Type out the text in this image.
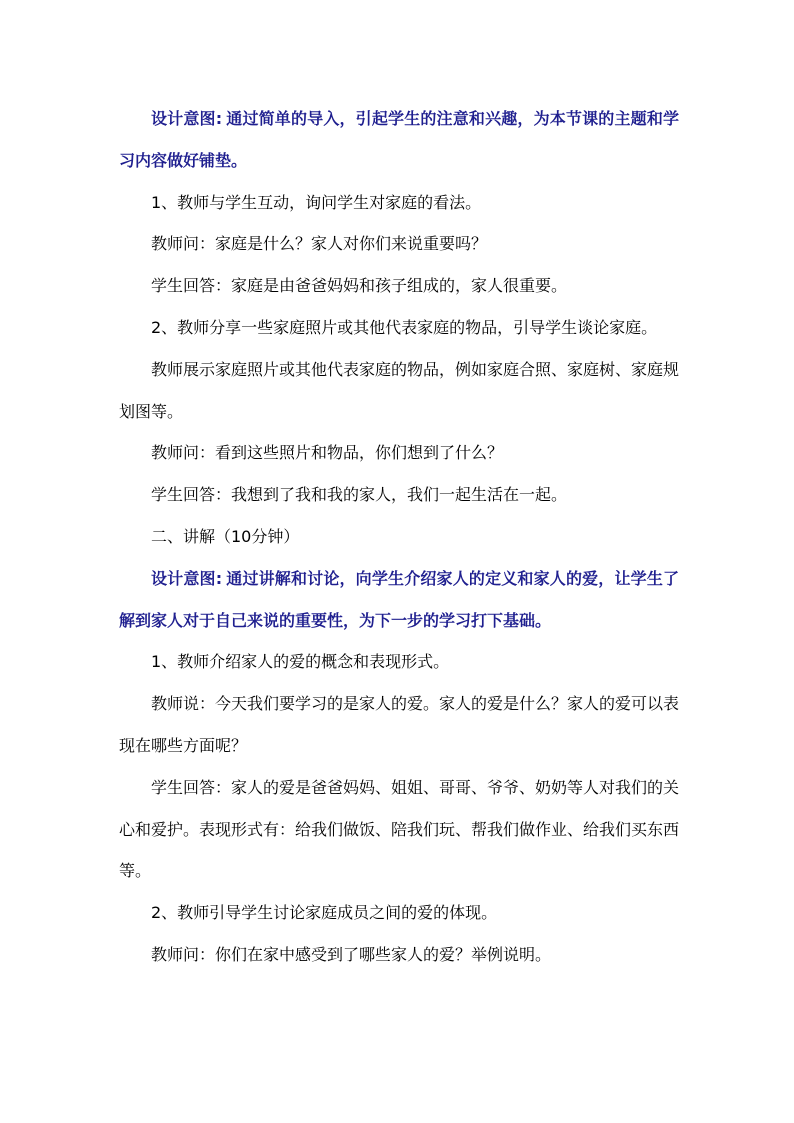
设计意图: 通过简单的导入，引起学生的注意和兴趣，为本节课的主题和学习内容做好铺垫。

1、教师与学生互动，询问学生对家庭的看法。

教师问：家庭是什么？家人对你们来说重要吗？

学生回答：家庭是由爸爸妈妈和孩子组成的，家人很重要。

2、教师分享一些家庭照片或其他代表家庭的物品，引导学生谈论家庭。

教师展示家庭照片或其他代表家庭的物品，例如家庭合照、家庭树、家庭规划图等。

教师问：看到这些照片和物品，你们想到了什么？

学生回答：我想到了我和我的家人，我们一起生活在一起。

二、讲解（10分钟）

设计意图: 通过讲解和讨论，向学生介绍家人的定义和家人的爱，让学生了解到家人对于自己来说的重要性，为下一步的学习打下基础。

1、教师介绍家人的爱的概念和表现形式。

教师说：今天我们要学习的是家人的爱。家人的爱是什么？家人的爱可以表现在哪些方面呢？

学生回答：家人的爱是爸爸妈妈、姐姐、哥哥、爷爷、奶奶等人对我们的关心和爱护。表现形式有：给我们做饭、陪我们玩、帮我们做作业、给我们买东西等。

2、教师引导学生讨论家庭成员之间的爱的体现。

教师问：你们在家中感受到了哪些家人的爱？举例说明。
